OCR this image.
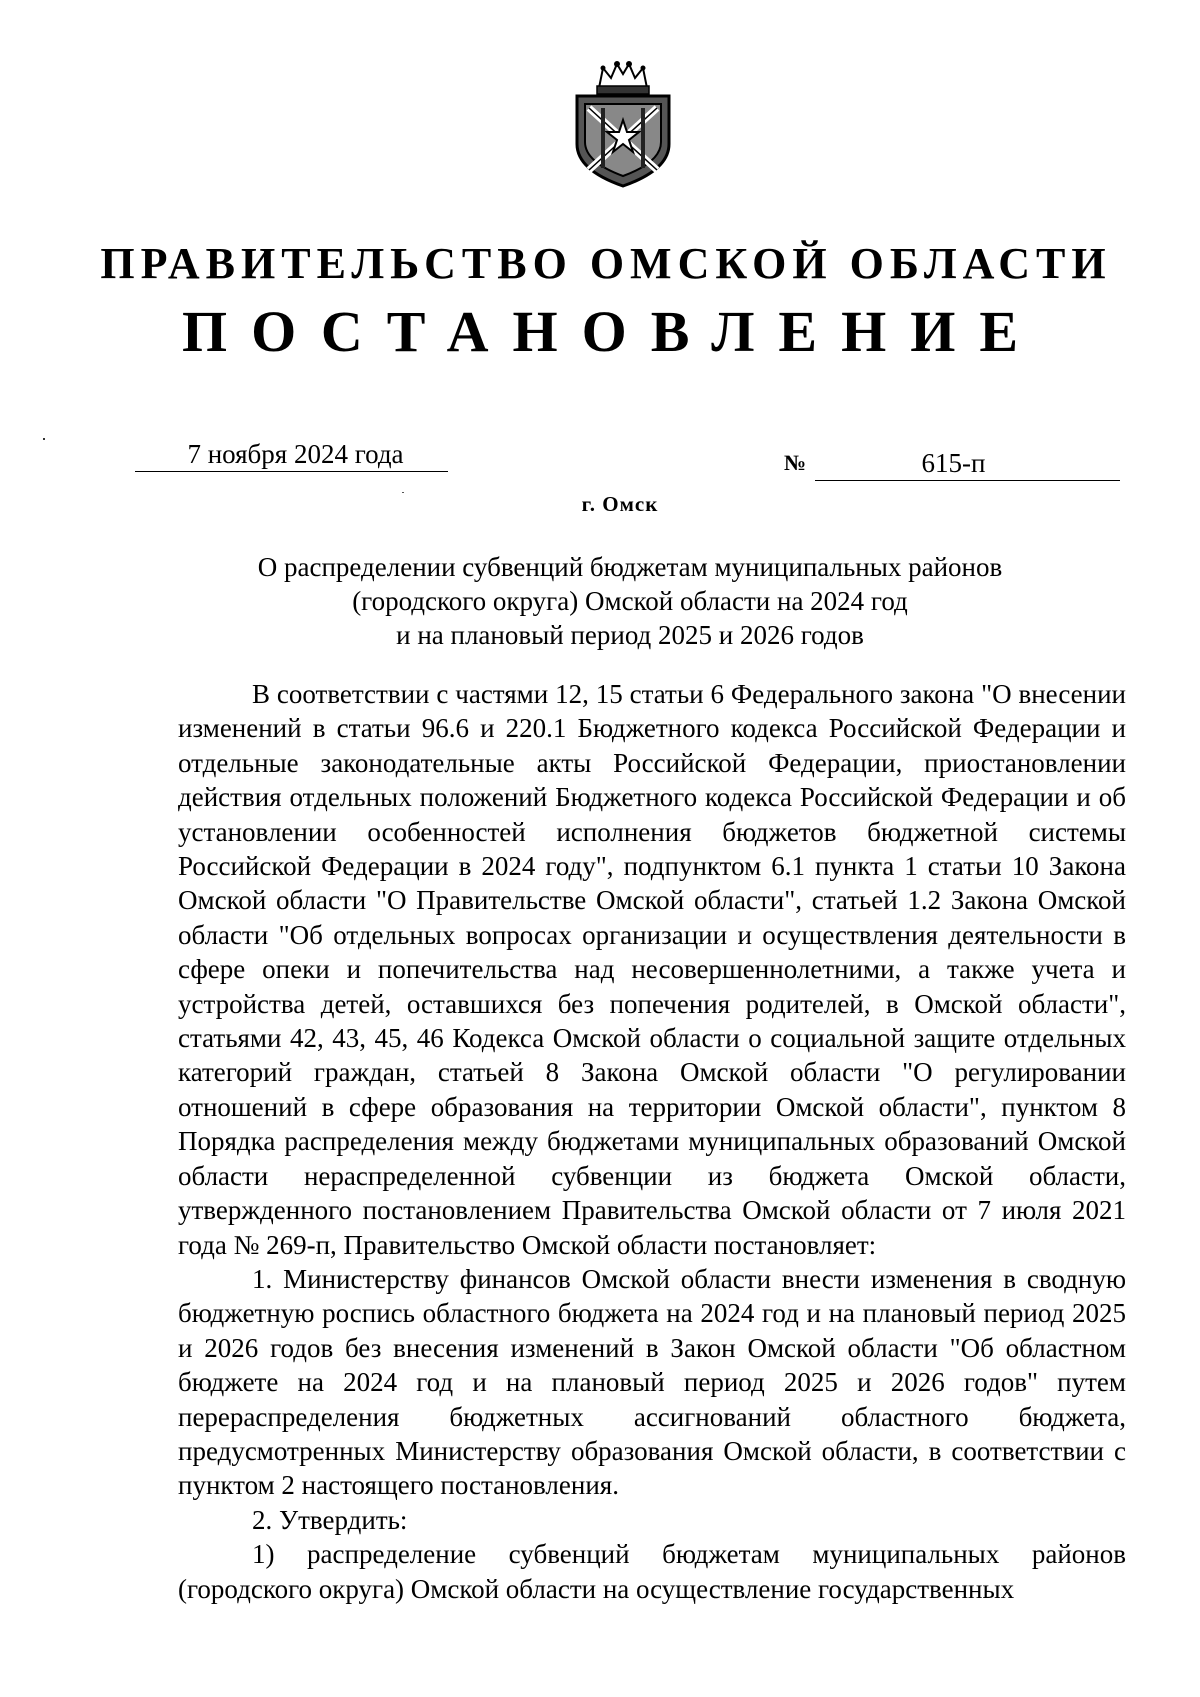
ПРАВИТЕЛЬСТВО ОМСКОЙ ОБЛАСТИ
ПОСТАНОВЛЕНИЕ
7 ноября 2024 года	№	615-п
г. Омск
О распределении субвенций бюджетам муниципальных районов
(городского округа) Омской области на 2024 год
и на плановый период 2025 и 2026 годов

В соответствии с частями 12, 15 статьи 6 Федерального закона "О внесении изменений в статьи 96.6 и 220.1 Бюджетного кодекса Российской Федерации и отдельные законодательные акты Российской Федерации, приостановлении действия отдельных положений Бюджетного кодекса Российской Федерации и об установлении особенностей исполнения бюджетов бюджетной системы Российской Федерации в 2024 году", подпунктом 6.1 пункта 1 статьи 10 Закона Омской области "О Правительстве Омской области", статьей 1.2 Закона Омской области "Об отдельных вопросах организации и осуществления деятельности в сфере опеки и попечительства над несовершеннолетними, а также учета и устройства детей, оставшихся без попечения родителей, в Омской области", статьями 42, 43, 45, 46 Кодекса Омской области о социальной защите отдельных категорий граждан, статьей 8 Закона Омской области "О регулировании отношений в сфере образования на территории Омской области", пунктом 8 Порядка распределения между бюджетами муниципальных образований Омской области нераспределенной субвенции из бюджета Омской области, утвержденного постановлением Правительства Омской области от 7 июля 2021 года № 269-п, Правительство Омской области постановляет:

1. Министерству финансов Омской области внести изменения в сводную бюджетную роспись областного бюджета на 2024 год и на плановый период 2025 и 2026 годов без внесения изменений в Закон Омской области "Об областном бюджете на 2024 год и на плановый период 2025 и 2026 годов" путем перераспределения бюджетных ассигнований областного бюджета, предусмотренных Министерству образования Омской области, в соответствии с пунктом 2 настоящего постановления.

2. Утвердить:

1) распределение субвенций бюджетам муниципальных районов (городского округа) Омской области на осуществление государственных
